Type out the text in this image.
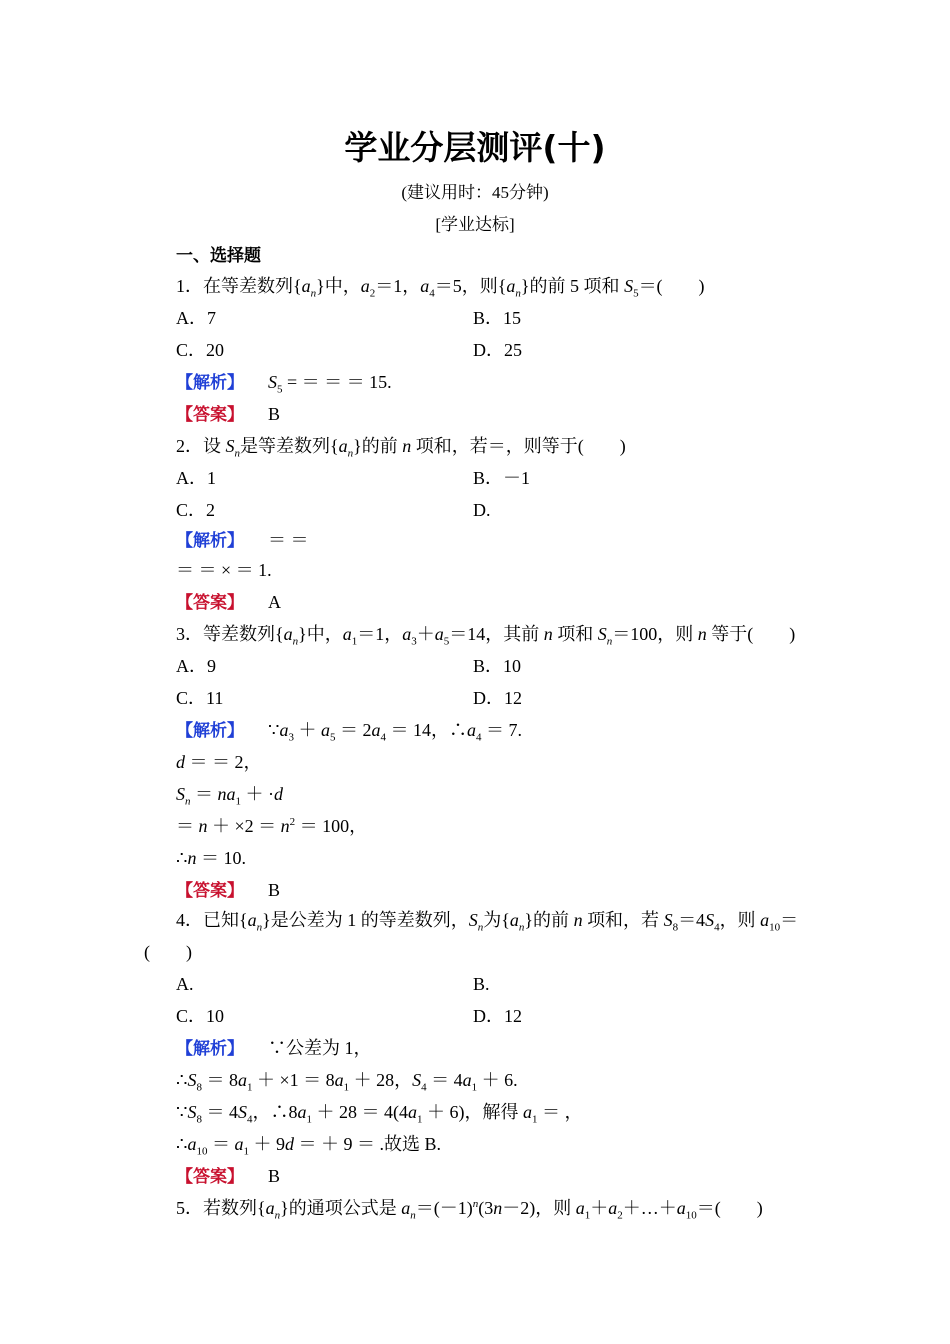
学业分层测评(十)
(建议用时：45分钟)
[学业达标]
一、选择题
1．在等差数列$\{a_n\}$中，$a_2=1$，$a_4=5$，则$\{a_n\}$的前 5 项和 $S_5=$(　　)
A．7	B．15
C．20	D．25
【解析】 $S_5$ = ＝ ＝ ＝ 15.
【答案】 B
2．设 $S_n$是等差数列$\{a_n\}$的前 n 项和，若＝，则等于(　　)
A．1	B．－1
C．2	D.
【解析】 ＝ ＝
＝ ＝ × ＝ 1.
【答案】 A
3．等差数列$\{a_n\}$中，$a_1=1$，$a_3+a_5=14$，其前 n 项和 $S_n=100$，则 n 等于(　　)
A．9	B．10
C．11	D．12
【解析】 $\because a_3 + a_5 = 2a_4 = 14$，$\therefore a_4 = 7$.
d ＝ ＝ 2，
$S_n = na_1 + \cdot d$
＝ $n + \times 2 = n^2 = 100$，
∴n ＝ 10.
【答案】 B
4．已知$\{a_n\}$是公差为 1 的等差数列，$S_n$为$\{a_n\}$的前 n 项和，若 $S_8=4S_4$，则 $a_{10}=$
(　　)
A.	B.
C．10	D．12
【解析】 ∵公差为 1，
$\therefore S_8 = 8a_1 + \times 1 = 8a_1 + 28$，$S_4 = 4a_1 + 6$.
$\because S_8 = 4S_4$，$\therefore 8a_1 + 28 = 4(4a_1 + 6)$，解得 $a_1$ ＝ ，
$\therefore a_{10} = a_1 + 9d$ ＝ ＋ 9 ＝ .故选 B.
【答案】 B
5．若数列$\{a_n\}$的通项公式是 $a_n=(-1)^n(3n-2)$，则 $a_1+a_2+\dots+a_{10}=$(　　)
